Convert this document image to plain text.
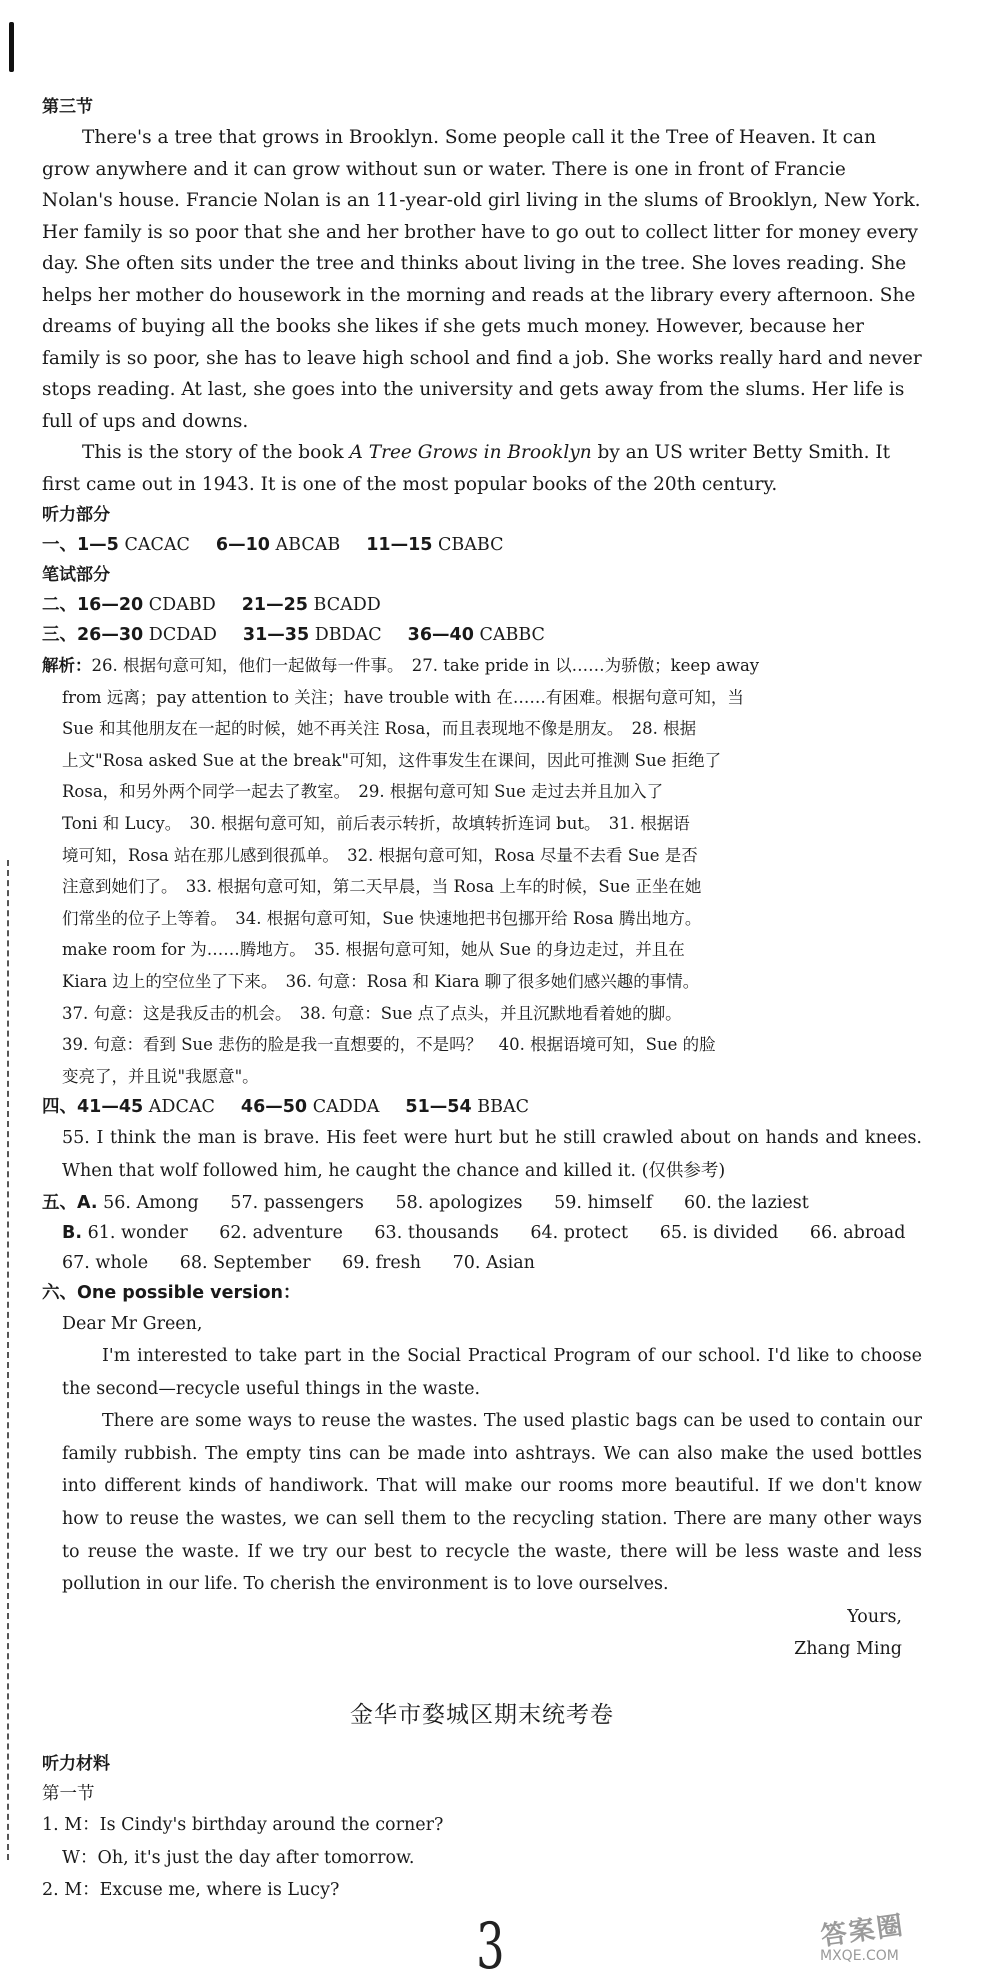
第三节

There's a tree that grows in Brooklyn. Some people call it the Tree of Heaven. It can grow anywhere and it can grow without sun or water. There is one in front of Francie Nolan's house. Francie Nolan is an 11-year-old girl living in the slums of Brooklyn, New York. Her family is so poor that she and her brother have to go out to collect litter for money every day. She often sits under the tree and thinks about living in the tree. She loves reading. She helps her mother do housework in the morning and reads at the library every afternoon. She dreams of buying all the books she likes if she gets much money. However, because her family is so poor, she has to leave high school and find a job. She works really hard and never stops reading. At last, she goes into the university and gets away from the slums. Her life is full of ups and downs.

This is the story of the book A Tree Grows in Brooklyn by an US writer Betty Smith. It first came out in 1943. It is one of the most popular books of the 20th century.

听力部分

一、1—5 CACAC 6—10 ABCAB 11—15 CBABC

笔试部分

二、16—20 CDABD 21—25 BCADD

三、26—30 DCDAD 31—35 DBDAC 36—40 CABBC

解析：26. 根据句意可知，他们一起做每一件事。　27. take pride in 以……为骄傲；keep away

from 远离；pay attention to 关注；have trouble with 在……有困难。根据句意可知，当

Sue 和其他朋友在一起的时候，她不再关注 Rosa，而且表现地不像是朋友。　28. 根据

上文"Rosa asked Sue at the break"可知，这件事发生在课间，因此可推测 Sue 拒绝了

Rosa，和另外两个同学一起去了教室。　29. 根据句意可知 Sue 走过去并且加入了

Toni 和 Lucy。　30. 根据句意可知，前后表示转折，故填转折连词 but。　31. 根据语

境可知，Rosa 站在那儿感到很孤单。　32. 根据句意可知，Rosa 尽量不去看 Sue 是否

注意到她们了。　33. 根据句意可知，第二天早晨，当 Rosa 上车的时候，Sue 正坐在她

们常坐的位子上等着。　34. 根据句意可知，Sue 快速地把书包挪开给 Rosa 腾出地方。

make room for 为……腾地方。　35. 根据句意可知，她从 Sue 的身边走过，并且在

Kiara 边上的空位坐了下来。　36. 句意：Rosa 和 Kiara 聊了很多她们感兴趣的事情。

37. 句意：这是我反击的机会。　38. 句意：Sue 点了点头，并且沉默地看着她的脚。

39. 句意：看到 Sue 悲伤的脸是我一直想要的，不是吗？　40. 根据语境可知，Sue 的脸

变亮了，并且说"我愿意"。

四、41—45 ADCAC 46—50 CADDA 51—54 BBAC

55. I think the man is brave. His feet were hurt but he still crawled about on hands and knees. When that wolf followed him, he caught the chance and killed it. (仅供参考)

五、A. 56. Among 57. passengers 58. apologizes 59. himself 60. the laziest

B. 61. wonder 62. adventure 63. thousands 64. protect 65. is divided 66. abroad

67. whole 68. September 69. fresh 70. Asian

六、One possible version：

Dear Mr Green,

I'm interested to take part in the Social Practical Program of our school. I'd like to choose the second—recycle useful things in the waste.

There are some ways to reuse the wastes. The used plastic bags can be used to contain our family rubbish. The empty tins can be made into ashtrays. We can also make the used bottles into different kinds of handiwork. That will make our rooms more beautiful. If we don't know how to reuse the wastes, we can sell them to the recycling station. There are many other ways to reuse the waste. If we try our best to recycle the waste, there will be less waste and less pollution in our life. To cherish the environment is to love ourselves.

Yours,

Zhang Ming

金华市婺城区期末统考卷

听力材料

第一节

1. M：Is Cindy's birthday around the corner?

W：Oh, it's just the day after tomorrow.

2. M：Excuse me, where is Lucy?

3	答案圈
MXQE.COM
